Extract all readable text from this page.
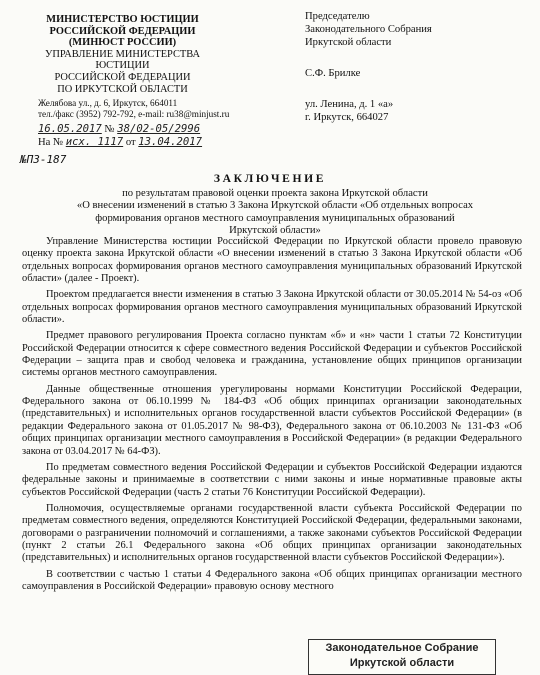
МИНИСТЕРСТВО ЮСТИЦИИ
РОССИЙСКОЙ ФЕДЕРАЦИИ
(МИНЮСТ РОССИИ)
УПРАВЛЕНИЕ МИНИСТЕРСТВА ЮСТИЦИИ
РОССИЙСКОЙ ФЕДЕРАЦИИ
ПО ИРКУТСКОЙ ОБЛАСТИ
Желябова ул., д. 6, Иркутск, 664011
тел./факс (3952) 792-792, e-mail: ru38@minjust.ru
16.05.2017 № 38/02-05/2996
На № исх. 1117 от 13.04.2017
№ПЗ-187

Председателю

Законодательного Собрания

Иркутской области

С.Ф. Брилке

ул. Ленина, д. 1 «а»

г. Иркутск, 664027

ЗАКЛЮЧЕНИЕ
по результатам правовой оценки проекта закона Иркутской области
«О внесении изменений в статью 3 Закона Иркутской области «Об отдельных вопросах
формирования органов местного самоуправления муниципальных образований
Иркутской области»

Управление Министерства юстиции Российской Федерации по Иркутской области провело правовую оценку проекта закона Иркутской области «О внесении изменений в статью 3 Закона Иркутской области «Об отдельных вопросах формирования органов местного самоуправления муниципальных образований Иркутской области» (далее - Проект).

Проектом предлагается внести изменения в статью 3 Закона Иркутской области от 30.05.2014 № 54-оз «Об отдельных вопросах формирования органов местного самоуправления муниципальных образований Иркутской области».

Предмет правового регулирования Проекта согласно пунктам «б» и «н» части 1 статьи 72 Конституции Российской Федерации относится к сфере совместного ведения Российской Федерации и субъектов Российской Федерации – защита прав и свобод человека и гражданина, установление общих принципов организации системы органов местного самоуправления.

Данные общественные отношения урегулированы нормами Конституции Российской Федерации, Федерального закона от 06.10.1999 № 184-ФЗ «Об общих принципах организации законодательных (представительных) и исполнительных органов государственной власти субъектов Российской Федерации» (в редакции Федерального закона от 01.05.2017 № 98-ФЗ), Федерального закона от 06.10.2003 № 131-ФЗ «Об общих принципах организации местного самоуправления в Российской Федерации» (в редакции Федерального закона от 03.04.2017 № 64-ФЗ).

По предметам совместного ведения Российской Федерации и субъектов Российской Федерации издаются федеральные законы и принимаемые в соответствии с ними законы и иные нормативные правовые акты субъектов Российской Федерации (часть 2 статьи 76 Конституции Российской Федерации).

Полномочия, осуществляемые органами государственной власти субъекта Российской Федерации по предметам совместного ведения, определяются Конституцией Российской Федерации, федеральными законами, договорами о разграничении полномочий и соглашениями, а также законами субъектов Российской Федерации (пункт 2 статьи 26.1 Федерального закона «Об общих принципах организации законодательных (представительных) и исполнительных органов государственной власти субъектов Российской Федерации»).

В соответствии с частью 1 статьи 4 Федерального закона «Об общих принципах организации местного самоуправления в Российской Федерации» правовую основу местного

Законодательное Собрание
Иркутской области
